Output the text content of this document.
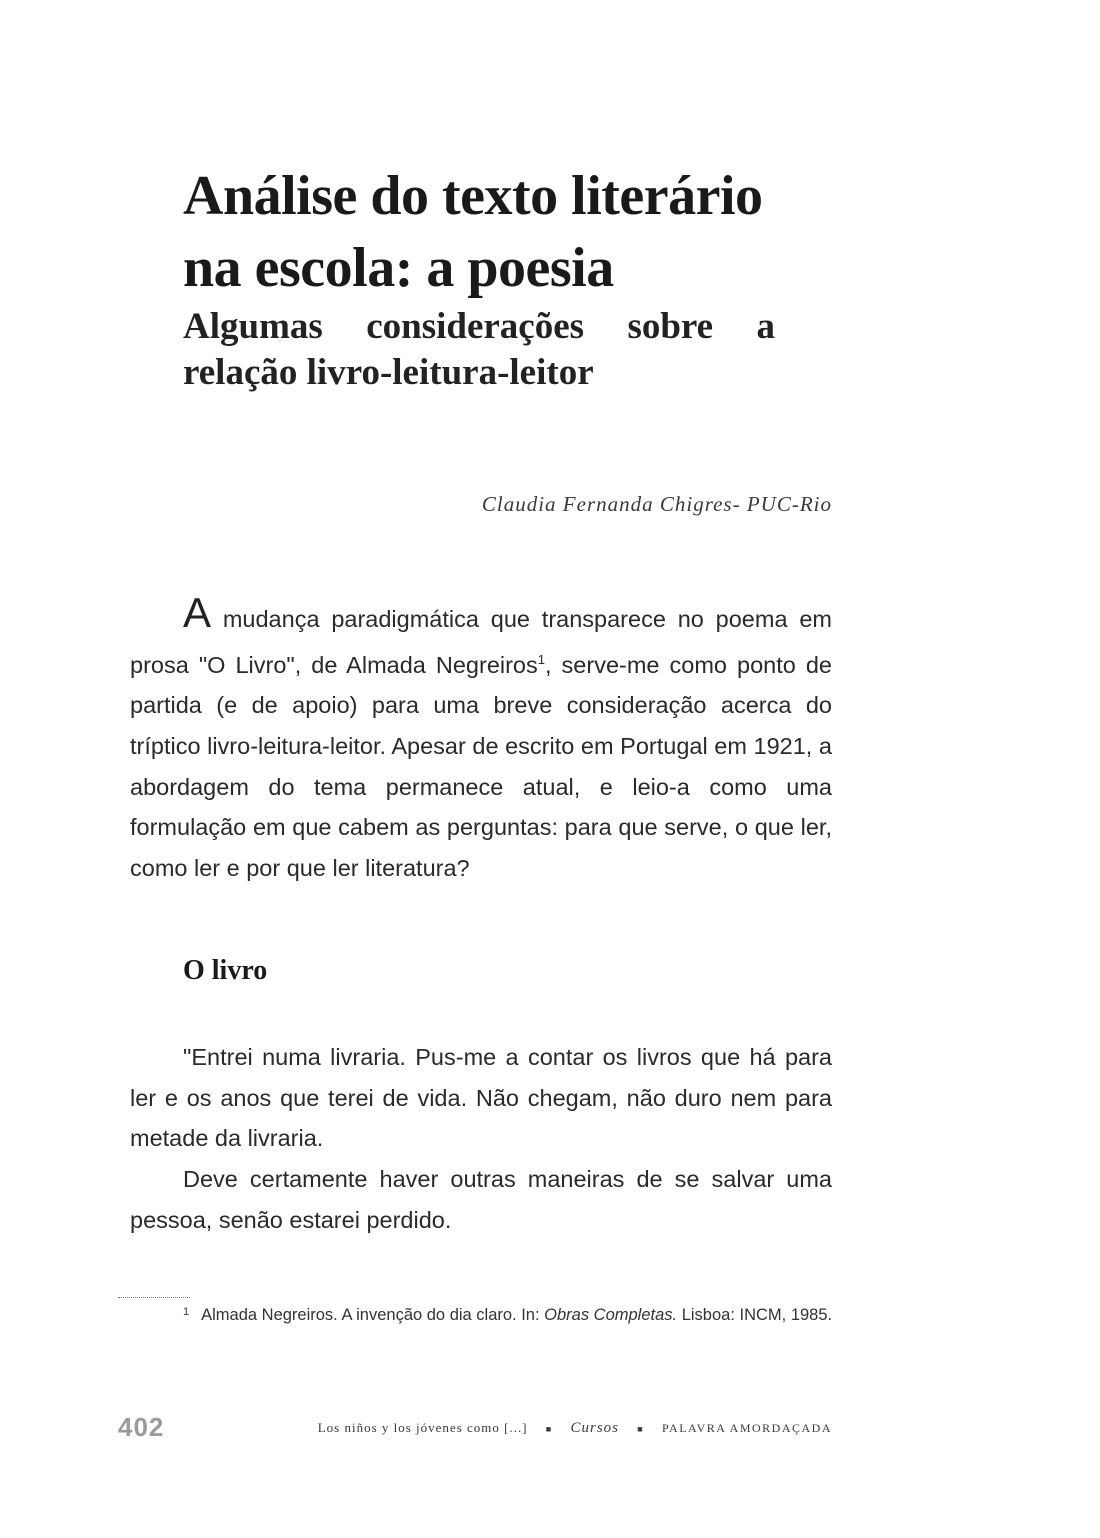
Análise do texto literário
na escola: a poesia
Algumas considerações sobre a
relação livro-leitura-leitor
Claudia Fernanda Chigres- PUC-Rio

A mudança paradigmática que transparece no poema em prosa "O Livro", de Almada Negreiros$^1$, serve-me como ponto de partida (e de apoio) para uma breve consideração acerca do tríptico livro-leitura-leitor. Apesar de escrito em Portugal em 1921, a abordagem do tema permanece atual, e leio-a como uma formulação em que cabem as perguntas: para que serve, o que ler, como ler e por que ler literatura?

O livro

"Entrei numa livraria. Pus-me a contar os livros que há para ler e os anos que terei de vida. Não chegam, não duro nem para metade da livraria.

Deve certamente haver outras maneiras de se salvar uma pessoa, senão estarei perdido.

$^1$ Almada Negreiros. A invenção do dia claro. In: Obras Completas. Lisboa: INCM, 1985.

402	Los niños y los jóvenes como [...] ■ Cursos ■ PALAVRA AMORDAÇADA
